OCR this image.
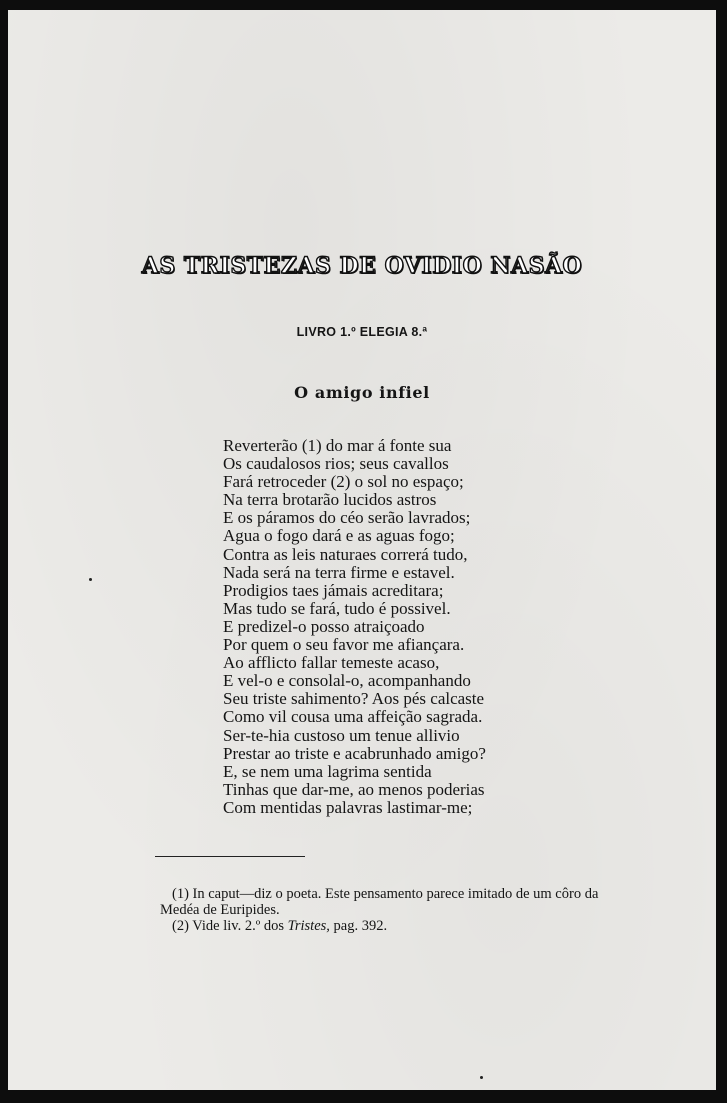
AS TRISTEZAS DE OVIDIO NASÃO
LIVRO 1.º ELEGIA 8.ª
O amigo infiel
Reverterão (1) do mar á fonte sua
Os caudalosos rios; seus cavallos
Fará retroceder (2) o sol no espaço;
Na terra brotarão lucidos astros
E os páramos do céo serão lavrados;
Agua o fogo dará e as aguas fogo;
Contra as leis naturaes correrá tudo,
Nada será na terra firme e estavel.
Prodigios taes jámais acreditara;
Mas tudo se fará, tudo é possivel.
E predizel-o posso atraiçoado
Por quem o seu favor me afiançara.
Ao afflicto fallar temeste acaso,
E vel-o e consolal-o, acompanhando
Seu triste sahimento? Aos pés calcaste
Como vil cousa uma affeição sagrada.
Ser-te-hia custoso um tenue allivio
Prestar ao triste e acabrunhado amigo?
E, se nem uma lagrima sentida
Tinhas que dar-me, ao menos poderias
Com mentidas palavras lastimar-me;
(1) In caput—diz o poeta. Este pensamento parece imitado de um côro da Medéa de Euripides.
(2) Vide liv. 2.º dos Tristes, pag. 392.
